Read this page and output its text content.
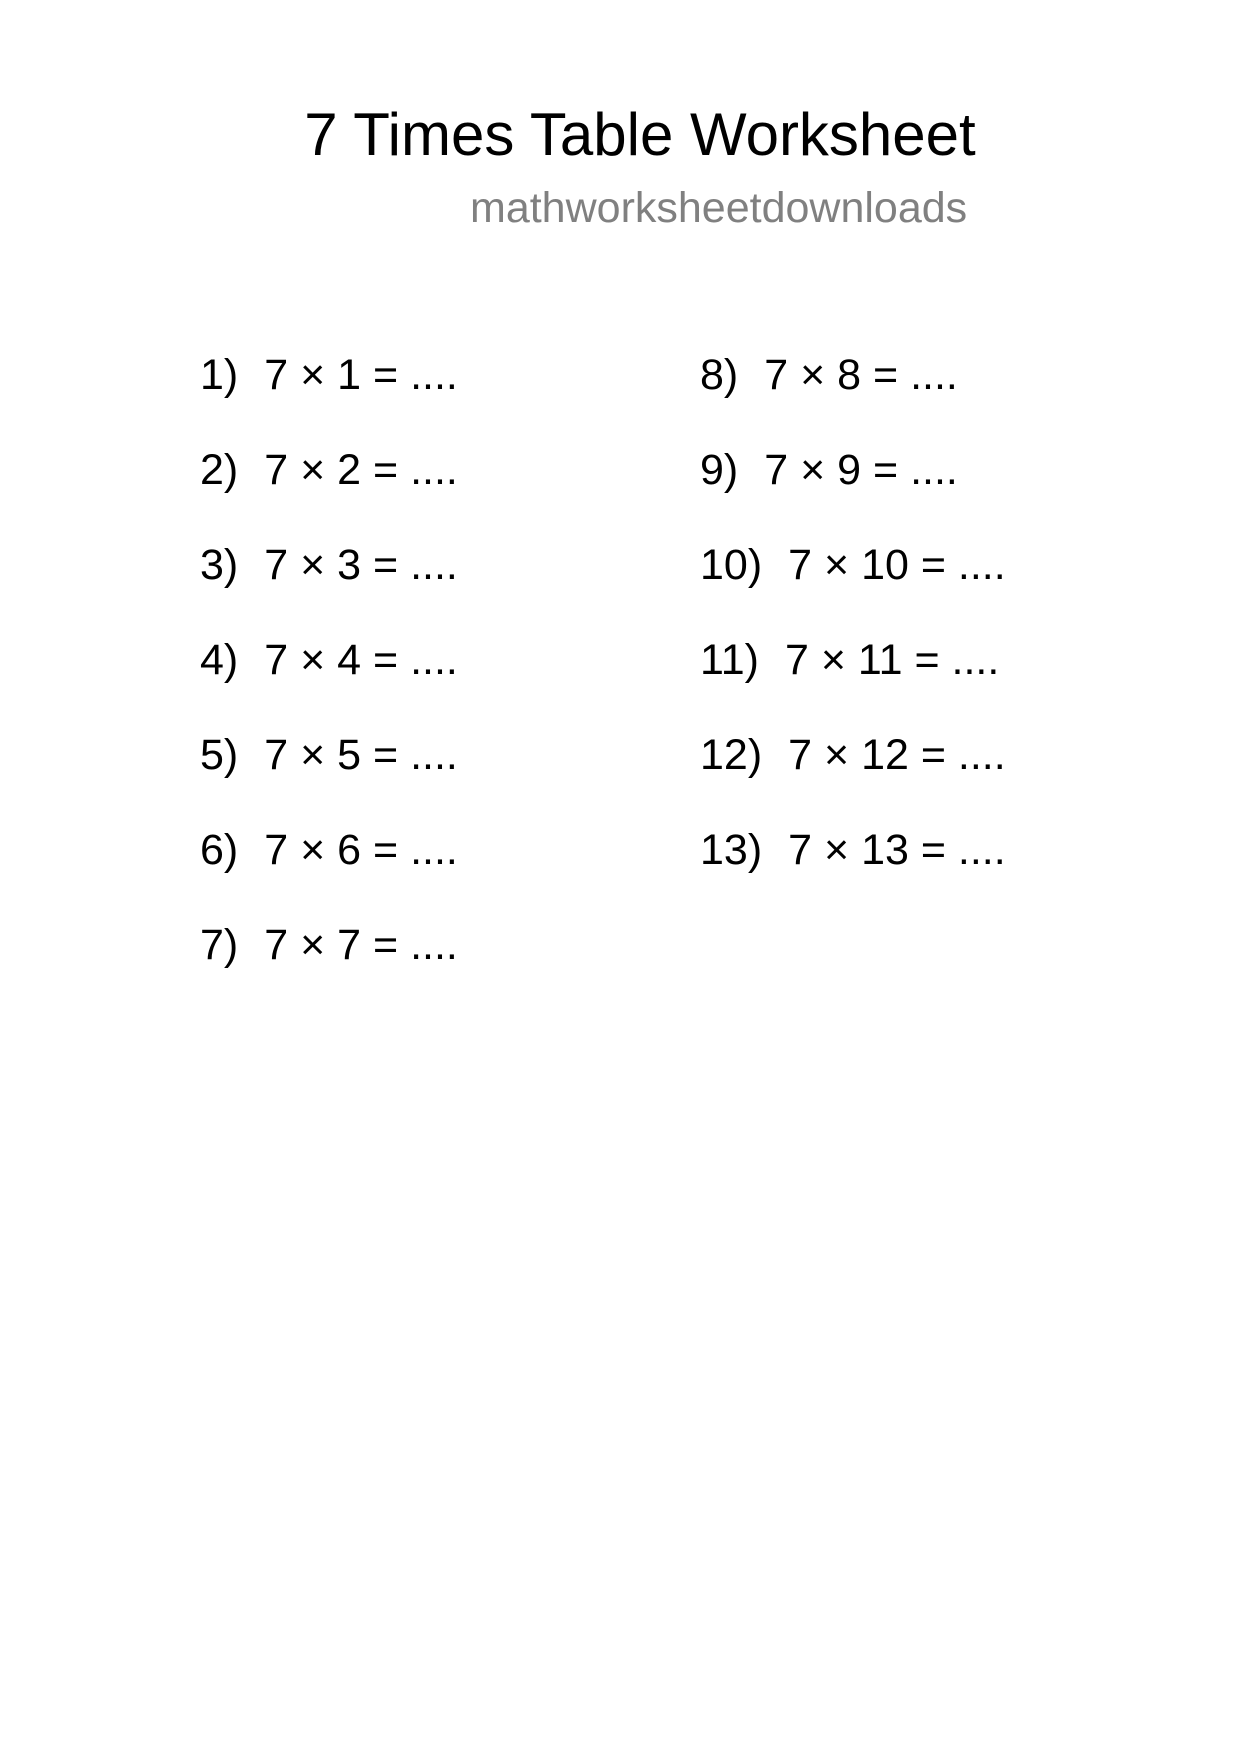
7 Times Table Worksheet
mathworksheetdownloads
1) 7 × 1 = ....
2) 7 × 2 = ....
3) 7 × 3 = ....
4) 7 × 4 = ....
5) 7 × 5 = ....
6) 7 × 6 = ....
7) 7 × 7 = ....
8) 7 × 8 = ....
9) 7 × 9 = ....
10) 7 × 10 = ....
11) 7 × 11 = ....
12) 7 × 12 = ....
13) 7 × 13 = ....
